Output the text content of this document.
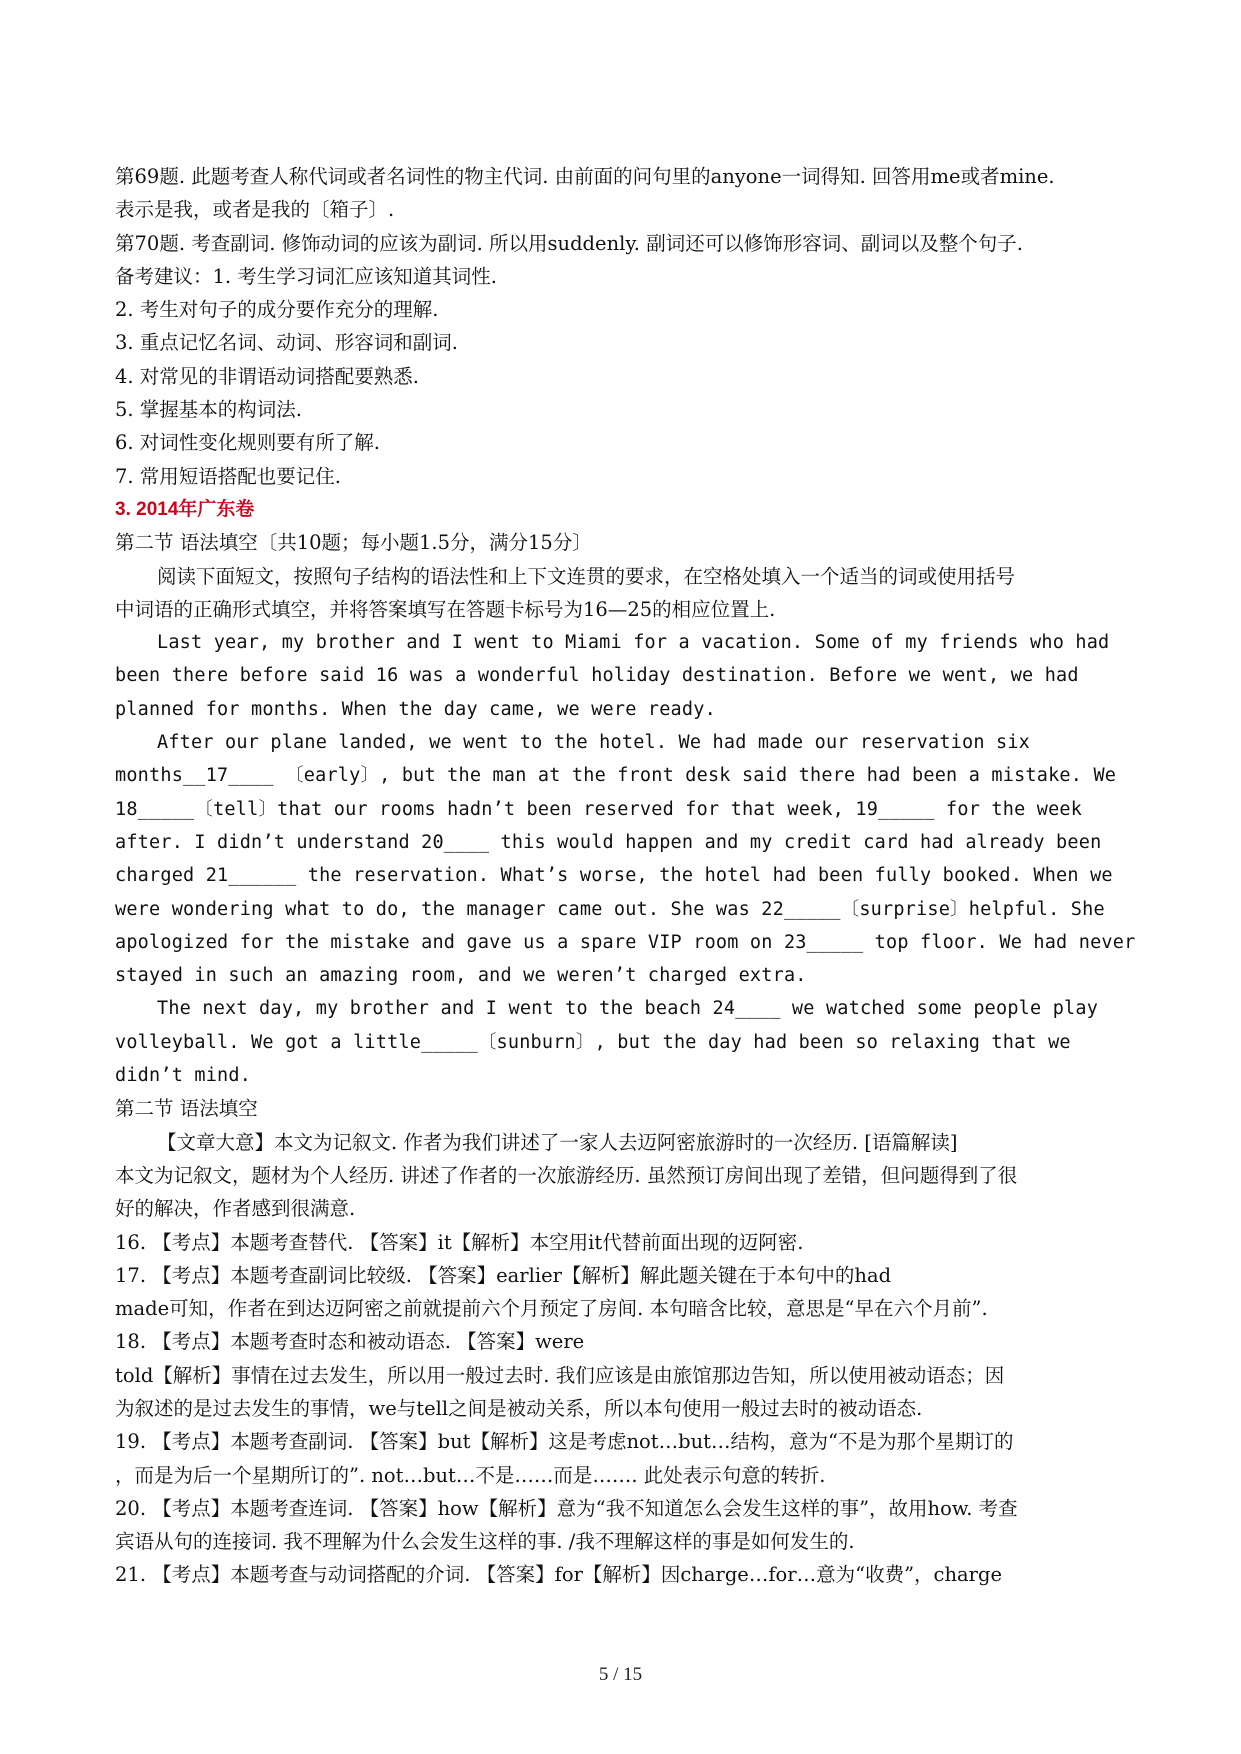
第69题. 此题考查人称代词或者名词性的物主代词. 由前面的问句里的anyone一词得知. 回答用me或者mine.

表示是我，或者是我的〔箱子〕.

第70题. 考查副词. 修饰动词的应该为副词. 所以用suddenly. 副词还可以修饰形容词、副词以及整个句子.

备考建议：1. 考生学习词汇应该知道其词性.

2. 考生对句子的成分要作充分的理解.

3. 重点记忆名词、动词、形容词和副词.

4. 对常见的非谓语动词搭配要熟悉.

5. 掌握基本的构词法.

6. 对词性变化规则要有所了解.

7. 常用短语搭配也要记住.

3. 2014年广东卷

第二节 语法填空〔共10题；每小题1.5分，满分15分〕

阅读下面短文，按照句子结构的语法性和上下文连贯的要求，在空格处填入一个适当的词或使用括号

中词语的正确形式填空，并将答案填写在答题卡标号为16—25的相应位置上.

Last year, my brother and I went to Miami for a vacation. Some of my friends who had

been there before said 16 was a wonderful holiday destination. Before we went, we had

planned for months. When the day came, we were ready.

After our plane landed, we went to the hotel. We had made our reservation six

months__17____ 〔early〕, but the man at the front desk said there had been a mistake. We

18_____〔tell〕that our rooms hadn’t been reserved for that week, 19_____ for the week

after. I didn’t understand 20____ this would happen and my credit card had already been

charged 21______ the reservation. What’s worse, the hotel had been fully booked. When we

were wondering what to do, the manager came out. She was 22_____〔surprise〕helpful. She

apologized for the mistake and gave us a spare VIP room on 23_____ top floor. We had never

stayed in such an amazing room, and we weren’t charged extra.

The next day, my brother and I went to the beach 24____ we watched some people play

volleyball. We got a little_____〔sunburn〕, but the day had been so relaxing that we

didn’t mind.

第二节 语法填空

【文章大意】本文为记叙文. 作者为我们讲述了一家人去迈阿密旅游时的一次经历. [语篇解读]

本文为记叙文，题材为个人经历. 讲述了作者的一次旅游经历. 虽然预订房间出现了差错，但问题得到了很

好的解决，作者感到很满意.

16. 【考点】本题考查替代. 【答案】it【解析】本空用it代替前面出现的迈阿密.

17. 【考点】本题考查副词比较级. 【答案】earlier【解析】解此题关键在于本句中的had

made可知，作者在到达迈阿密之前就提前六个月预定了房间. 本句暗含比较，意思是“早在六个月前”.

18. 【考点】本题考查时态和被动语态. 【答案】were

told【解析】事情在过去发生，所以用一般过去时. 我们应该是由旅馆那边告知，所以使用被动语态；因

为叙述的是过去发生的事情，we与tell之间是被动关系，所以本句使用一般过去时的被动语态.

19. 【考点】本题考查副词. 【答案】but【解析】这是考虑not…but…结构，意为“不是为那个星期订的

，而是为后一个星期所订的”. not…but…不是……而是……. 此处表示句意的转折.

20. 【考点】本题考查连词. 【答案】how【解析】意为“我不知道怎么会发生这样的事”，故用how. 考查

宾语从句的连接词. 我不理解为什么会发生这样的事. /我不理解这样的事是如何发生的.

21. 【考点】本题考查与动词搭配的介词. 【答案】for【解析】因charge…for…意为“收费”，charge

5 / 15
